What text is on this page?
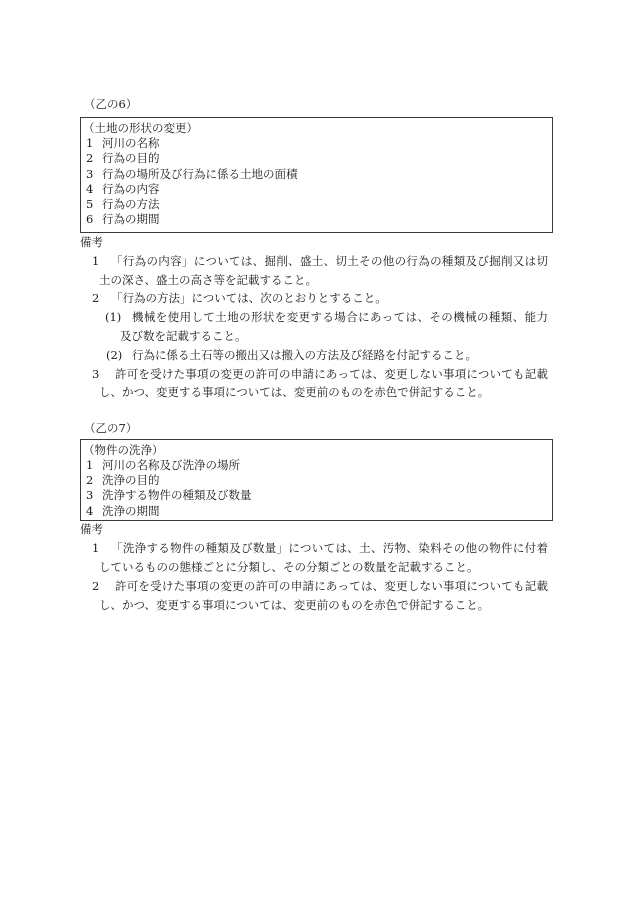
（乙の6）
（土地の形状の変更）
1 河川の名称
2 行為の目的
3 行為の場所及び行為に係る土地の面積
4 行為の内容
5 行為の方法
6 行為の期間
備考
1 「行為の内容」については、掘削、盛土、切土その他の行為の種類及び掘削又は切
土の深さ、盛土の高さ等を記載すること。
2 「行為の方法」については、次のとおりとすること。
(1) 機械を使用して土地の形状を変更する場合にあっては、その機械の種類、能力
及び数を記載すること。
(2) 行為に係る土石等の搬出又は搬入の方法及び経路を付記すること。
3 許可を受けた事項の変更の許可の申請にあっては、変更しない事項についても記載
し、かつ、変更する事項については、変更前のものを赤色で併記すること。
（乙の7）
（物件の洗浄）
1 河川の名称及び洗浄の場所
2 洗浄の目的
3 洗浄する物件の種類及び数量
4 洗浄の期間
備考
1 「洗浄する物件の種類及び数量」については、土、汚物、染料その他の物件に付着
しているものの態様ごとに分類し、その分類ごとの数量を記載すること。
2 許可を受けた事項の変更の許可の申請にあっては、変更しない事項についても記載
し、かつ、変更する事項については、変更前のものを赤色で併記すること。
